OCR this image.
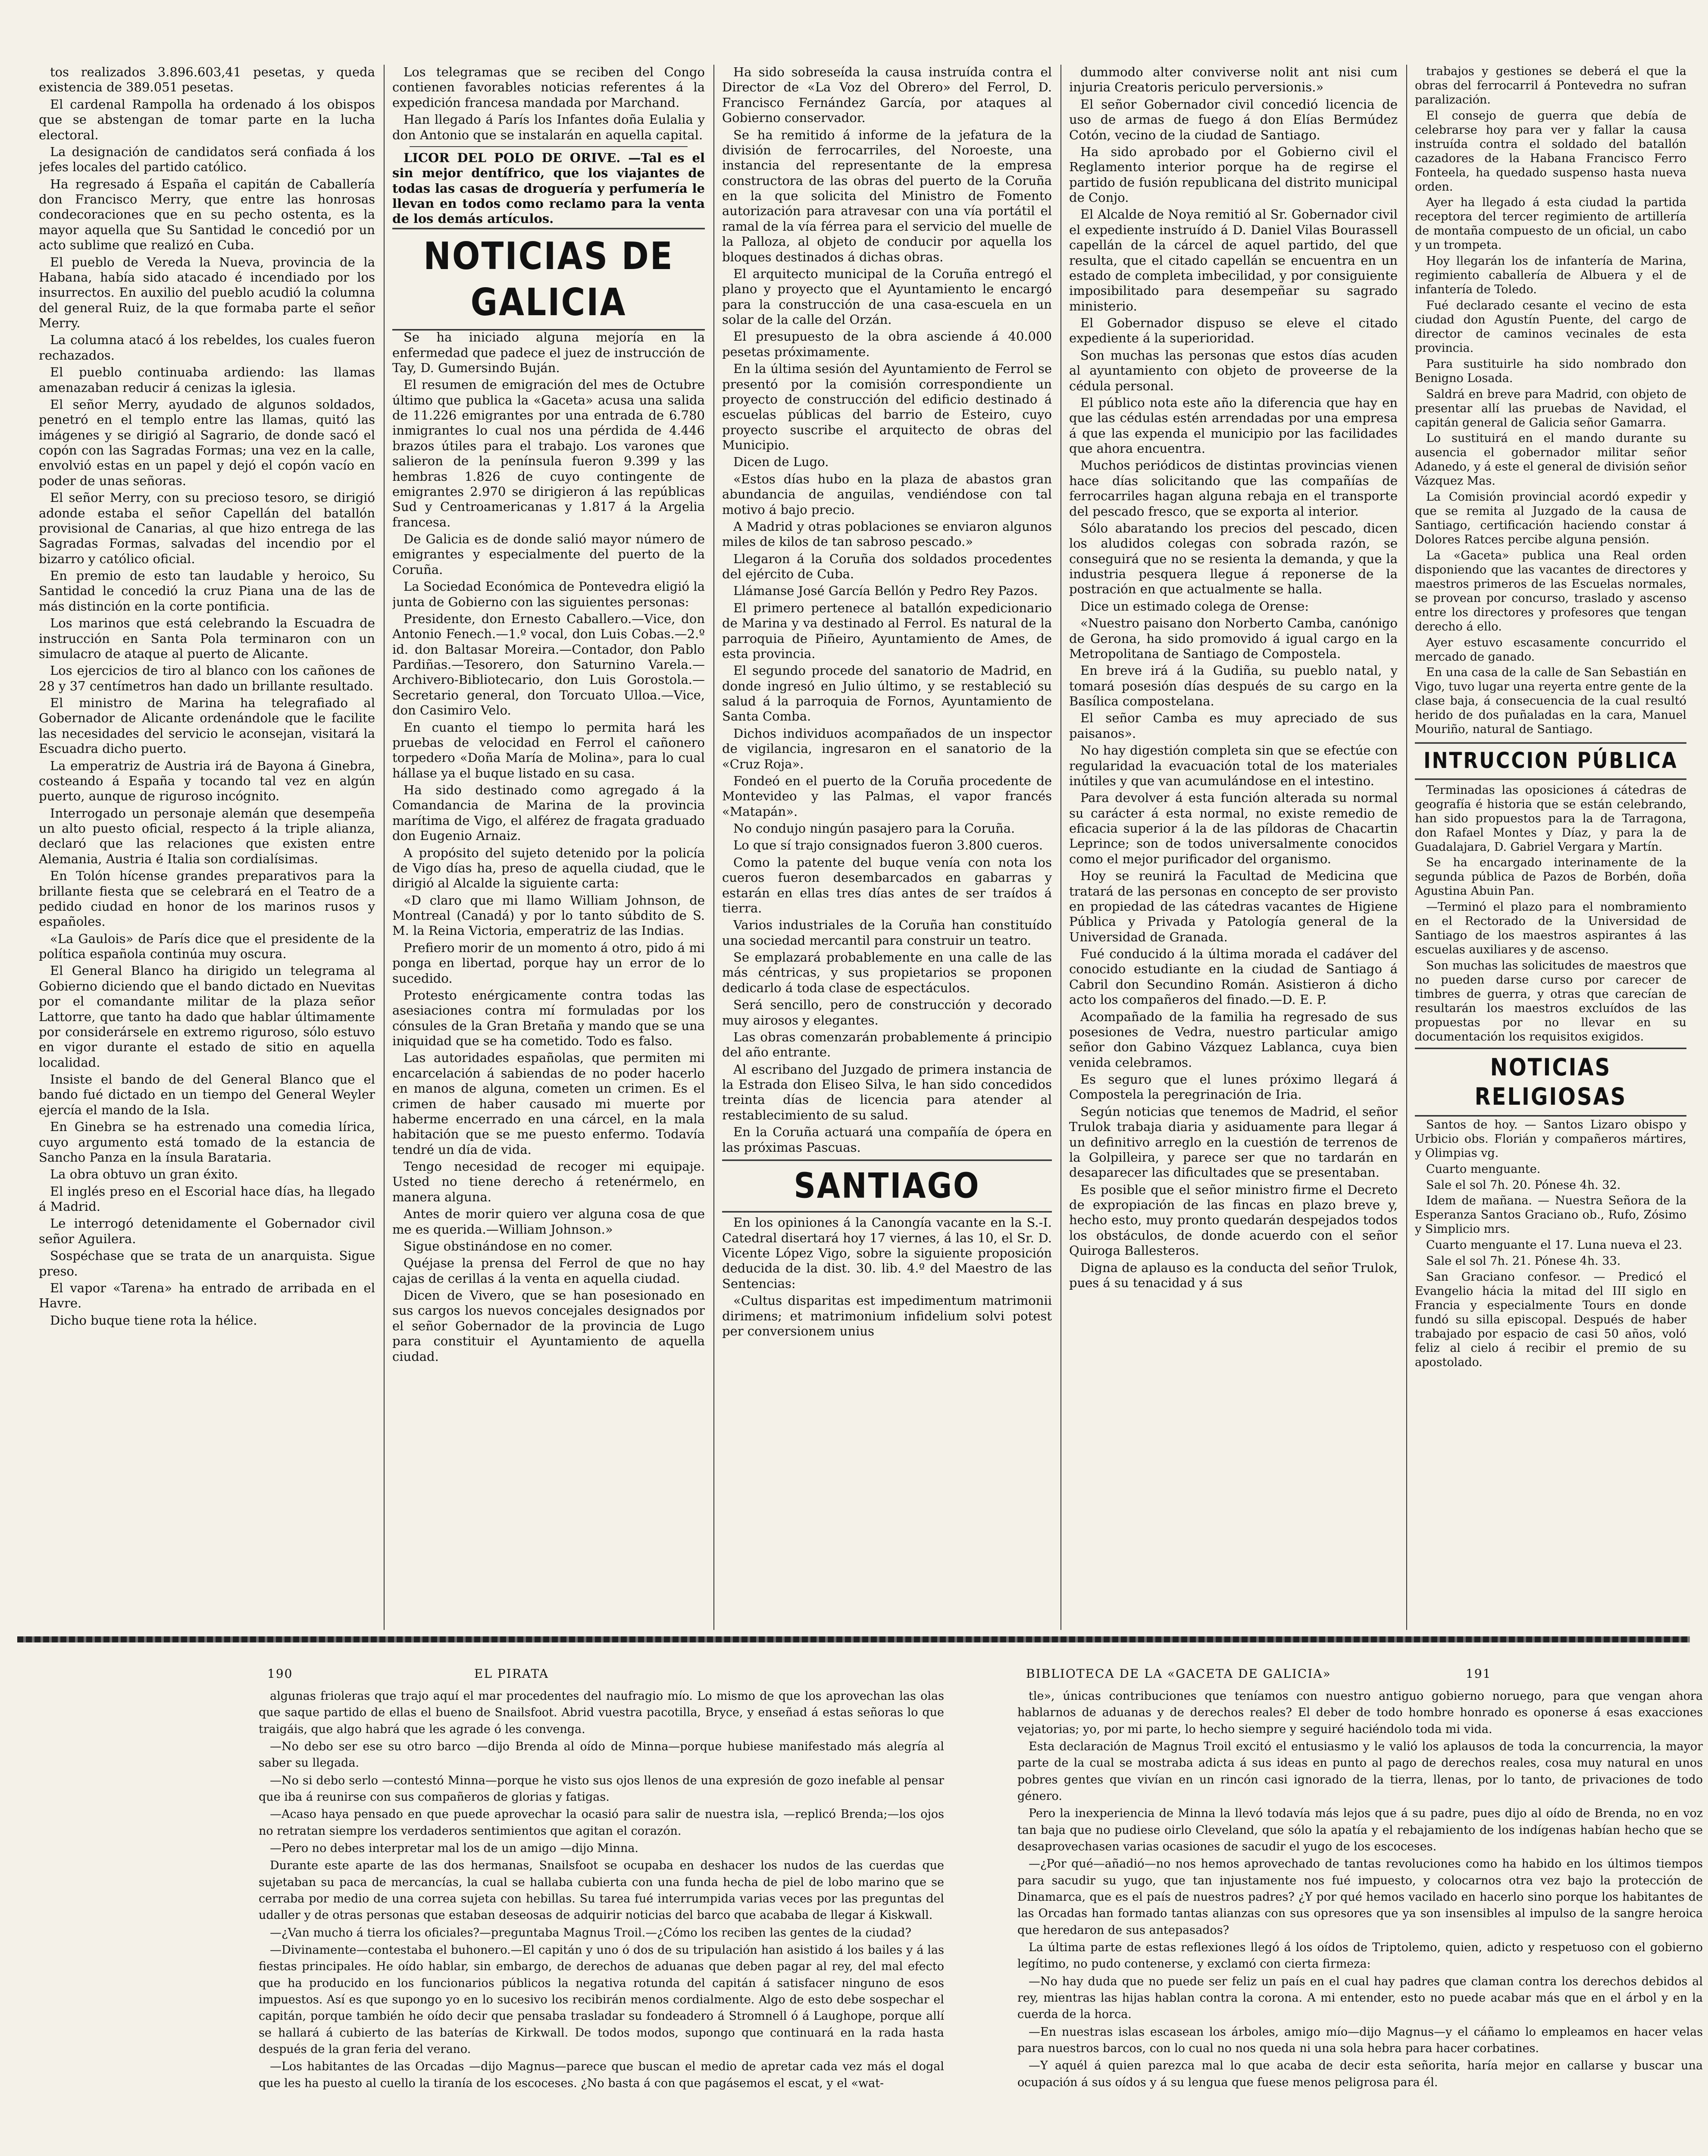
tos realizados 3.896.603,41 pesetas, y queda existencia de 389.051 pesetas.

El cardenal Rampolla ha ordenado á los obispos que se abstengan de tomar parte en la lucha electoral.

La designación de candidatos será confiada á los jefes locales del partido católico.

Ha regresado á España el capitán de Caballería don Francisco Merry, que entre las honrosas condecoraciones que en su pecho ostenta, es la mayor aquella que Su Santidad le concedió por un acto sublime que realizó en Cuba.

El pueblo de Vereda la Nueva, provincia de la Habana, había sido atacado é incendiado por los insurrectos. En auxilio del pueblo acudió la columna del general Ruiz, de la que formaba parte el señor Merry.

La columna atacó á los rebeldes, los cuales fueron rechazados.

El pueblo continuaba ardiendo: las llamas amenazaban reducir á cenizas la iglesia.

El señor Merry, ayudado de algunos soldados, penetró en el templo entre las llamas, quitó las imágenes y se dirigió al Sagrario, de donde sacó el copón con las Sagradas Formas; una vez en la calle, envolvió estas en un papel y dejó el copón vacío en poder de unas señoras.

El señor Merry, con su precioso tesoro, se dirigió adonde estaba el señor Capellán del batallón provisional de Canarias, al que hizo entrega de las Sagradas Formas, salvadas del incendio por el bizarro y católico oficial.

En premio de esto tan laudable y heroico, Su Santidad le concedió la cruz Piana una de las de más distinción en la corte pontificia.

Los marinos que está celebrando la Escuadra de instrucción en Santa Pola terminaron con un simulacro de ataque al puerto de Alicante.

Los ejercicios de tiro al blanco con los cañones de 28 y 37 centímetros han dado un brillante resultado.

El ministro de Marina ha telegrafiado al Gobernador de Alicante ordenándole que le facilite las necesidades del servicio le aconsejan, visitará la Escuadra dicho puerto.

La emperatriz de Austria irá de Bayona á Ginebra, costeando á España y tocando tal vez en algún puerto, aunque de riguroso incógnito.

Interrogado un personaje alemán que desempeña un alto puesto oficial, respecto á la triple alianza, declaró que las relaciones que existen entre Alemania, Austria é Italia son cordialísimas.

En Tolón hícense grandes preparativos para la brillante fiesta que se celebrará en el Teatro de a pedido ciudad en honor de los marinos rusos y españoles.

«La Gaulois» de París dice que el presidente de la política española continúa muy oscura.

El General Blanco ha dirigido un telegrama al Gobierno diciendo que el bando dictado en Nuevitas por el comandante militar de la plaza señor Lattorre, que tanto ha dado que hablar últimamente por considerársele en extremo riguroso, sólo estuvo en vigor durante el estado de sitio en aquella localidad.

Insiste el bando de del General Blanco que el bando fué dictado en un tiempo del General Weyler ejercía el mando de la Isla.

En Ginebra se ha estrenado una comedia lírica, cuyo argumento está tomado de la estancia de Sancho Panza en la ínsula Barataria.

La obra obtuvo un gran éxito.

El inglés preso en el Escorial hace días, ha llegado á Madrid.

Le interrogó detenidamente el Gobernador civil señor Aguilera.

Sospéchase que se trata de un anarquista. Sigue preso.

El vapor «Tarena» ha entrado de arribada en el Havre.

Dicho buque tiene rota la hélice.

Los telegramas que se reciben del Congo contienen favorables noticias referentes á la expedición francesa mandada por Marchand.

Han llegado á París los Infantes doña Eulalia y don Antonio que se instalarán en aquella capital.

LICOR DEL POLO DE ORIVE. —Tal es el sin mejor dentífrico, que los viajantes de todas las casas de droguería y perfumería le llevan en todos como reclamo para la venta de los demás artículos.

NOTICIAS DE GALICIA

Se ha iniciado alguna mejoría en la enfermedad que padece el juez de instrucción de Tay, D. Gumersindo Buján.

El resumen de emigración del mes de Octubre último que publica la «Gaceta» acusa una salida de 11.226 emigrantes por una entrada de 6.780 inmigrantes lo cual nos una pérdida de 4.446 brazos útiles para el trabajo. Los varones que salieron de la península fueron 9.399 y las hembras 1.826 de cuyo contingente de emigrantes 2.970 se dirigieron á las repúblicas Sud y Centroamericanas y 1.817 á la Argelia francesa.

De Galicia es de donde salió mayor número de emigrantes y especialmente del puerto de la Coruña.

La Sociedad Económica de Pontevedra eligió la junta de Gobierno con las siguientes personas:

Presidente, don Ernesto Caballero.—Vice, don Antonio Fenech.—1.º vocal, don Luis Cobas.—2.º id. don Baltasar Moreira.—Contador, don Pablo Pardiñas.—Tesorero, don Saturnino Varela.—Archivero-Bibliotecario, don Luis Gorostola.—Secretario general, don Torcuato Ulloa.—Vice, don Casimiro Velo.

En cuanto el tiempo lo permita hará les pruebas de velocidad en Ferrol el cañonero torpedero «Doña María de Molina», para lo cual hállase ya el buque listado en su casa.

Ha sido destinado como agregado á la Comandancia de Marina de la provincia marítima de Vigo, el alférez de fragata graduado don Eugenio Arnaiz.

A propósito del sujeto detenido por la policía de Vigo días ha, preso de aquella ciudad, que le dirigió al Alcalde la siguiente carta:

«D claro que mi llamo William Johnson, de Montreal (Canadá) y por lo tanto súbdito de S. M. la Reina Victoria, emperatriz de las Indias.

Prefiero morir de un momento á otro, pido á mi ponga en libertad, porque hay un error de lo sucedido.

Protesto enérgicamente contra todas las asesiaciones contra mí formuladas por los cónsules de la Gran Bretaña y mando que se una iniquidad que se ha cometido. Todo es falso.

Las autoridades españolas, que permiten mi encarcelación á sabiendas de no poder hacerlo en manos de alguna, cometen un crimen. Es el crimen de haber causado mi muerte por haberme encerrado en una cárcel, en la mala habitación que se me puesto enfermo. Todavía tendré un día de vida.

Tengo necesidad de recoger mi equipaje. Usted no tiene derecho á retenérmelo, en manera alguna.

Antes de morir quiero ver alguna cosa de que me es querida.—William Johnson.»

Sigue obstinándose en no comer.

Quéjase la prensa del Ferrol de que no hay cajas de cerillas á la venta en aquella ciudad.

Dicen de Vivero, que se han posesionado en sus cargos los nuevos concejales designados por el señor Gobernador de la provincia de Lugo para constituir el Ayuntamiento de aquella ciudad.

Ha sido sobreseída la causa instruída contra el Director de «La Voz del Obrero» del Ferrol, D. Francisco Fernández García, por ataques al Gobierno conservador.

Se ha remitido á informe de la jefatura de la división de ferrocarriles, del Noroeste, una instancia del representante de la empresa constructora de las obras del puerto de la Coruña en la que solicita del Ministro de Fomento autorización para atravesar con una vía portátil el ramal de la vía férrea para el servicio del muelle de la Palloza, al objeto de conducir por aquella los bloques destinados á dichas obras.

El arquitecto municipal de la Coruña entregó el plano y proyecto que el Ayuntamiento le encargó para la construcción de una casa-escuela en un solar de la calle del Orzán.

El presupuesto de la obra asciende á 40.000 pesetas próximamente.

En la última sesión del Ayuntamiento de Ferrol se presentó por la comisión correspondiente un proyecto de construcción del edificio destinado á escuelas públicas del barrio de Esteiro, cuyo proyecto suscribe el arquitecto de obras del Municipio.

Dicen de Lugo.

«Estos días hubo en la plaza de abastos gran abundancia de anguilas, vendiéndose con tal motivo á bajo precio.

A Madrid y otras poblaciones se enviaron algunos miles de kilos de tan sabroso pescado.»

Llegaron á la Coruña dos soldados procedentes del ejército de Cuba.

Llámanse José García Bellón y Pedro Rey Pazos.

El primero pertenece al batallón expedicionario de Marina y va destinado al Ferrol. Es natural de la parroquia de Piñeiro, Ayuntamiento de Ames, de esta provincia.

El segundo procede del sanatorio de Madrid, en donde ingresó en Julio último, y se restableció su salud á la parroquia de Fornos, Ayuntamiento de Santa Comba.

Dichos individuos acompañados de un inspector de vigilancia, ingresaron en el sanatorio de la «Cruz Roja».

Fondeó en el puerto de la Coruña procedente de Montevideo y las Palmas, el vapor francés «Matapán».

No condujo ningún pasajero para la Coruña.

Lo que sí trajo consignados fueron 3.800 cueros.

Como la patente del buque venía con nota los cueros fueron desembarcados en gabarras y estarán en ellas tres días antes de ser traídos á tierra.

Varios industriales de la Coruña han constituído una sociedad mercantil para construir un teatro.

Se emplazará probablemente en una calle de las más céntricas, y sus propietarios se proponen dedicarlo á toda clase de espectáculos.

Será sencillo, pero de construcción y decorado muy airosos y elegantes.

Las obras comenzarán probablemente á principio del año entrante.

Al escribano del Juzgado de primera instancia de la Estrada don Eliseo Silva, le han sido concedidos treinta días de licencia para atender al restablecimiento de su salud.

En la Coruña actuará una compañía de ópera en las próximas Pascuas.

SANTIAGO

En los opiniones á la Canongía vacante en la S.-I. Catedral disertará hoy 17 viernes, á las 10, el Sr. D. Vicente López Vigo, sobre la siguiente proposición deducida de la dist. 30. lib. 4.º del Maestro de las Sentencias:

«Cultus disparitas est impedimentum matrimonii dirimens; et matrimonium infidelium solvi potest per conversionem unius

dummodo alter conviverse nolit ant nisi cum injuria Creatoris periculo perversionis.»

El señor Gobernador civil concedió licencia de uso de armas de fuego á don Elías Bermúdez Cotón, vecino de la ciudad de Santiago.

Ha sido aprobado por el Gobierno civil el Reglamento interior porque ha de regirse el partido de fusión republicana del distrito municipal de Conjo.

El Alcalde de Noya remitió al Sr. Gobernador civil el expediente instruído á D. Daniel Vilas Bourassell capellán de la cárcel de aquel partido, del que resulta, que el citado capellán se encuentra en un estado de completa imbecilidad, y por consiguiente imposibilitado para desempeñar su sagrado ministerio.

El Gobernador dispuso se eleve el citado expediente á la superioridad.

Son muchas las personas que estos días acuden al ayuntamiento con objeto de proveerse de la cédula personal.

El público nota este año la diferencia que hay en que las cédulas estén arrendadas por una empresa á que las expenda el municipio por las facilidades que ahora encuentra.

Muchos periódicos de distintas provincias vienen hace días solicitando que las compañías de ferrocarriles hagan alguna rebaja en el transporte del pescado fresco, que se exporta al interior.

Sólo abaratando los precios del pescado, dicen los aludidos colegas con sobrada razón, se conseguirá que no se resienta la demanda, y que la industria pesquera llegue á reponerse de la postración en que actualmente se halla.

Dice un estimado colega de Orense:

«Nuestro paisano don Norberto Camba, canónigo de Gerona, ha sido promovido á igual cargo en la Metropolitana de Santiago de Compostela.

En breve irá á la Gudiña, su pueblo natal, y tomará posesión días después de su cargo en la Basílica compostelana.

El señor Camba es muy apreciado de sus paisanos».

No hay digestión completa sin que se efectúe con regularidad la evacuación total de los materiales inútiles y que van acumulándose en el intestino.

Para devolver á esta función alterada su normal su carácter á esta normal, no existe remedio de eficacia superior á la de las píldoras de Chacartin Leprince; son de todos universalmente conocidos como el mejor purificador del organismo.

Hoy se reunirá la Facultad de Medicina que tratará de las personas en concepto de ser provisto en propiedad de las cátedras vacantes de Higiene Pública y Privada y Patología general de la Universidad de Granada.

Fué conducido á la última morada el cadáver del conocido estudiante en la ciudad de Santiago á Cabril don Secundino Román. Asistieron á dicho acto los compañeros del finado.—D. E. P.

Acompañado de la familia ha regresado de sus posesiones de Vedra, nuestro particular amigo señor don Gabino Vázquez Lablanca, cuya bien venida celebramos.

Es seguro que el lunes próximo llegará á Compostela la peregrinación de Iria.

Según noticias que tenemos de Madrid, el señor Trulok trabaja diaria y asiduamente para llegar á un definitivo arreglo en la cuestión de terrenos de la Golpilleira, y parece ser que no tardarán en desaparecer las dificultades que se presentaban.

Es posible que el señor ministro firme el Decreto de expropiación de las fincas en plazo breve y, hecho esto, muy pronto quedarán despejados todos los obstáculos, de donde acuerdo con el señor Quiroga Ballesteros.

Digna de aplauso es la conducta del señor Trulok, pues á su tenacidad y á sus

trabajos y gestiones se deberá el que la obras del ferrocarril á Pontevedra no sufran paralización.

El consejo de guerra que debía de celebrarse hoy para ver y fallar la causa instruída contra el soldado del batallón cazadores de la Habana Francisco Ferro Fonteela, ha quedado suspenso hasta nueva orden.

Ayer ha llegado á esta ciudad la partida receptora del tercer regimiento de artillería de montaña compuesto de un oficial, un cabo y un trompeta.

Hoy llegarán los de infantería de Marina, regimiento caballería de Albuera y el de infantería de Toledo.

Fué declarado cesante el vecino de esta ciudad don Agustín Puente, del cargo de director de caminos vecinales de esta provincia.

Para sustituirle ha sido nombrado don Benigno Losada.

Saldrá en breve para Madrid, con objeto de presentar allí las pruebas de Navidad, el capitán general de Galicia señor Gamarra.

Lo sustituirá en el mando durante su ausencia el gobernador militar señor Adanedo, y á este el general de división señor Vázquez Mas.

La Comisión provincial acordó expedir y que se remita al Juzgado de la causa de Santiago, certificación haciendo constar á Dolores Ratces percibe alguna pensión.

La «Gaceta» publica una Real orden disponiendo que las vacantes de directores y maestros primeros de las Escuelas normales, se provean por concurso, traslado y ascenso entre los directores y profesores que tengan derecho á ello.

Ayer estuvo escasamente concurrido el mercado de ganado.

En una casa de la calle de San Sebastián en Vigo, tuvo lugar una reyerta entre gente de la clase baja, á consecuencia de la cual resultó herido de dos puñaladas en la cara, Manuel Mouriño, natural de Santiago.

INTRUCCION PÚBLICA

Terminadas las oposiciones á cátedras de geografía é historia que se están celebrando, han sido propuestos para la de Tarragona, don Rafael Montes y Díaz, y para la de Guadalajara, D. Gabriel Vergara y Martín.

Se ha encargado interinamente de la segunda pública de Pazos de Borbén, doña Agustina Abuin Pan.

—Terminó el plazo para el nombramiento en el Rectorado de la Universidad de Santiago de los maestros aspirantes á las escuelas auxiliares y de ascenso.

Son muchas las solicitudes de maestros que no pueden darse curso por carecer de timbres de guerra, y otras que carecían de resultarán los maestros excluídos de las propuestas por no llevar en su documentación los requisitos exigidos.

NOTICIAS RELIGIOSAS

Santos de hoy. — Santos Lizaro obispo y Urbicio obs. Florián y compañeros mártires, y Olimpias vg.

Cuarto menguante.

Sale el sol 7h. 20. Pónese 4h. 32.

Idem de mañana. — Nuestra Señora de la Esperanza Santos Graciano ob., Rufo, Zósimo y Simplicio mrs.

Cuarto menguante el 17. Luna nueva el 23.

Sale el sol 7h. 21. Pónese 4h. 33.

San Graciano confesor. — Predicó el Evangelio hácia la mitad del III siglo en Francia y especialmente Tours en donde fundó su silla episcopal. Después de haber trabajado por espacio de casi 50 años, voló feliz al cielo á recibir el premio de su apostolado.

190	EL PIRATA	BIBLIOTECA DE LA «GACETA DE GALICIA»	191

algunas frioleras que trajo aquí el mar procedentes del naufragio mío. Lo mismo de que los aprovechan las olas que saque partido de ellas el bueno de Snailsfoot. Abrid vuestra pacotilla, Bryce, y enseñad á estas señoras lo que traigáis, que algo habrá que les agrade ó les convenga.

—No debo ser ese su otro barco —dijo Brenda al oído de Minna—porque hubiese manifestado más alegría al saber su llegada.

—No si debo serlo —contestó Minna—porque he visto sus ojos llenos de una expresión de gozo inefable al pensar que iba á reunirse con sus compañeros de glorias y fatigas.

—Acaso haya pensado en que puede aprovechar la ocasió para salir de nuestra isla, —replicó Brenda;—los ojos no retratan siempre los verdaderos sentimientos que agitan el corazón.

—Pero no debes interpretar mal los de un amigo —dijo Minna.

Durante este aparte de las dos hermanas, Snailsfoot se ocupaba en deshacer los nudos de las cuerdas que sujetaban su paca de mercancías, la cual se hallaba cubierta con una funda hecha de piel de lobo marino que se cerraba por medio de una correa sujeta con hebillas. Su tarea fué interrumpida varias veces por las preguntas del udaller y de otras personas que estaban deseosas de adquirir noticias del barco que acababa de llegar á Kiskwall.

—¿Van mucho á tierra los oficiales?—preguntaba Magnus Troil.—¿Cómo los reciben las gentes de la ciudad?

—Divinamente—contestaba el buhonero.—El capitán y uno ó dos de su tripulación han asistido á los bailes y á las fiestas principales. He oído hablar, sin embargo, de derechos de aduanas que deben pagar al rey, del mal efecto que ha producido en los funcionarios públicos la negativa rotunda del capitán á satisfacer ninguno de esos impuestos. Así es que supongo yo en lo sucesivo los recibirán menos cordialmente. Algo de esto debe sospechar el capitán, porque también he oído decir que pensaba trasladar su fondeadero á Stromnell ó á Laughope, porque allí se hallará á cubierto de las baterías de Kirkwall. De todos modos, supongo que continuará en la rada hasta después de la gran feria del verano.

—Los habitantes de las Orcadas —dijo Magnus—parece que buscan el medio de apretar cada vez más el dogal que les ha puesto al cuello la tiranía de los escoceses. ¿No basta á con que pagásemos el escat, y el «wat-

tle», únicas contribuciones que teníamos con nuestro antiguo gobierno noruego, para que vengan ahora hablarnos de aduanas y de derechos reales? El deber de todo hombre honrado es oponerse á esas exacciones vejatorias; yo, por mi parte, lo hecho siempre y seguiré haciéndolo toda mi vida.

Esta declaración de Magnus Troil excitó el entusiasmo y le valió los aplausos de toda la concurrencia, la mayor parte de la cual se mostraba adicta á sus ideas en punto al pago de derechos reales, cosa muy natural en unos pobres gentes que vivían en un rincón casi ignorado de la tierra, llenas, por lo tanto, de privaciones de todo género.

Pero la inexperiencia de Minna la llevó todavía más lejos que á su padre, pues dijo al oído de Brenda, no en voz tan baja que no pudiese oirlo Cleveland, que sólo la apatía y el rebajamiento de los indígenas habían hecho que se desaprovechasen varias ocasiones de sacudir el yugo de los escoceses.

—¿Por qué—añadió—no nos hemos aprovechado de tantas revoluciones como ha habido en los últimos tiempos para sacudir su yugo, que tan injustamente nos fué impuesto, y colocarnos otra vez bajo la protección de Dinamarca, que es el país de nuestros padres? ¿Y por qué hemos vacilado en hacerlo sino porque los habitantes de las Orcadas han formado tantas alianzas con sus opresores que ya son insensibles al impulso de la sangre heroica que heredaron de sus antepasados?

La última parte de estas reflexiones llegó á los oídos de Triptolemo, quien, adicto y respetuoso con el gobierno legítimo, no pudo contenerse, y exclamó con cierta firmeza:

—No hay duda que no puede ser feliz un país en el cual hay padres que claman contra los derechos debidos al rey, mientras las hijas hablan contra la corona. A mi entender, esto no puede acabar más que en el árbol y en la cuerda de la horca.

—En nuestras islas escasean los árboles, amigo mío—dijo Magnus—y el cáñamo lo empleamos en hacer velas para nuestros barcos, con lo cual no nos queda ni una sola hebra para hacer corbatines.

—Y aquél á quien parezca mal lo que acaba de decir esta señorita, haría mejor en callarse y buscar una ocupación á sus oídos y á su lengua que fuese menos peligrosa para él.
